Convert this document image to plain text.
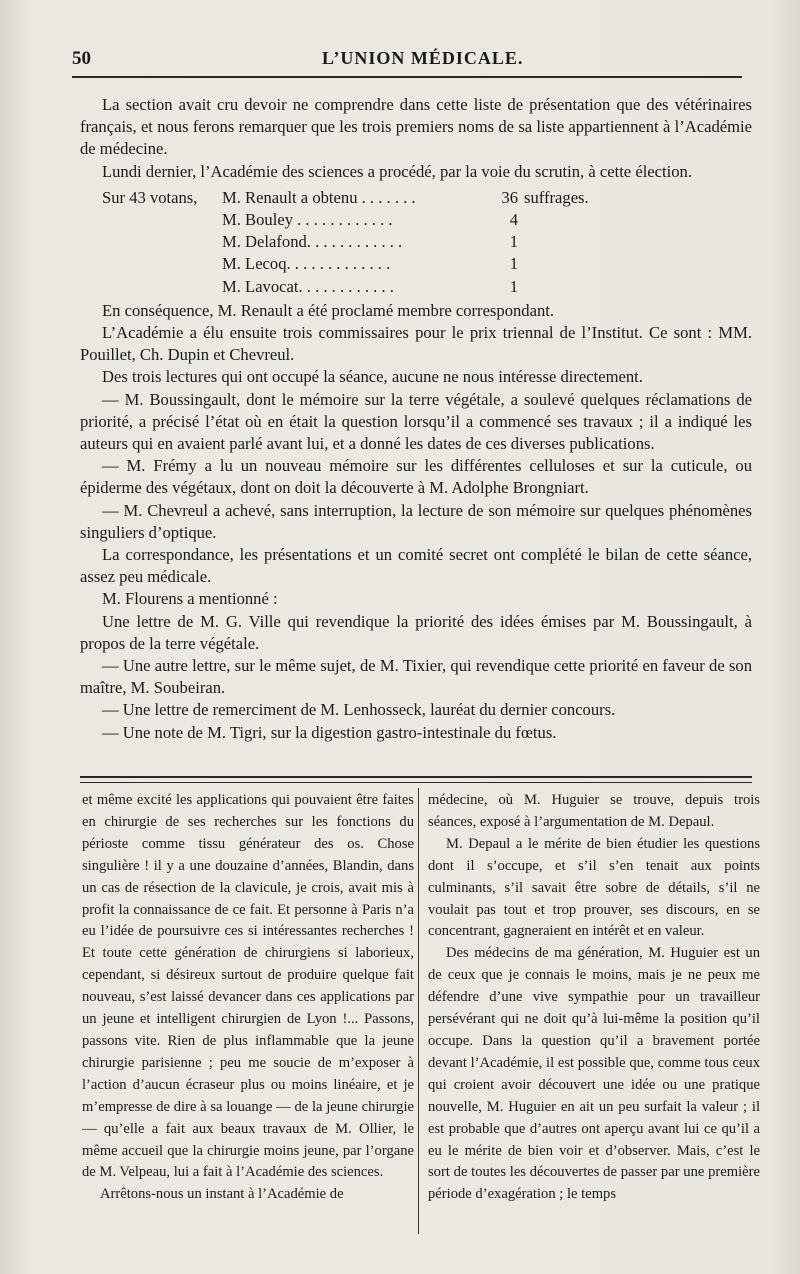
50	L’UNION MÉDICALE.

La section avait cru devoir ne comprendre dans cette liste de présentation que des vétérinaires français, et nous ferons remarquer que les trois premiers noms de sa liste appartiennent à l’Académie de médecine.

Lundi dernier, l’Académie des sciences a procédé, par la voie du scrutin, à cette élection.

Sur 43 votans,	M. Renault a obtenu . . . . . . .	36	suffrages.
	M. Bouley . . . . . . . . . . . .	4	
	M. Delafond. . . . . . . . . . . .	1	
	M. Lecoq. . . . . . . . . . . . .	1	
	M. Lavocat. . . . . . . . . . . .	1	

En conséquence, M. Renault a été proclamé membre correspondant.

L’Académie a élu ensuite trois commissaires pour le prix triennal de l’Institut. Ce sont : MM. Pouillet, Ch. Dupin et Chevreul.

Des trois lectures qui ont occupé la séance, aucune ne nous intéresse directement.

— M. Boussingault, dont le mémoire sur la terre végétale, a soulevé quelques réclamations de priorité, a précisé l’état où en était la question lorsqu’il a commencé ses travaux ; il a indiqué les auteurs qui en avaient parlé avant lui, et a donné les dates de ces diverses publications.

— M. Frémy a lu un nouveau mémoire sur les différentes celluloses et sur la cuticule, ou épiderme des végétaux, dont on doit la découverte à M. Adolphe Brongniart.

— M. Chevreul a achevé, sans interruption, la lecture de son mémoire sur quelques phénomènes singuliers d’optique.

La correspondance, les présentations et un comité secret ont complété le bilan de cette séance, assez peu médicale.

M. Flourens a mentionné :

Une lettre de M. G. Ville qui revendique la priorité des idées émises par M. Boussingault, à propos de la terre végétale.

— Une autre lettre, sur le même sujet, de M. Tixier, qui revendique cette priorité en faveur de son maître, M. Soubeiran.

— Une lettre de remerciment de M. Lenhosseck, lauréat du dernier concours.

— Une note de M. Tigri, sur la digestion gastro-intestinale du fœtus.

et même excité les applications qui pouvaient être faites en chirurgie de ses recherches sur les fonctions du périoste comme tissu générateur des os. Chose singulière ! il y a une douzaine d’années, Blandin, dans un cas de résection de la clavicule, je crois, avait mis à profit la connaissance de ce fait. Et personne à Paris n’a eu l’idée de poursuivre ces si intéressantes recherches ! Et toute cette génération de chirurgiens si laborieux, cependant, si désireux surtout de produire quelque fait nouveau, s’est laissé devancer dans ces applications par un jeune et intelligent chirurgien de Lyon !... Passons, passons vite. Rien de plus inflammable que la jeune chirurgie parisienne ; peu me soucie de m’exposer à l’action d’aucun écraseur plus ou moins linéaire, et je m’empresse de dire à sa louange — de la jeune chirurgie — qu’elle a fait aux beaux travaux de M. Ollier, le même accueil que la chirurgie moins jeune, par l’organe de M. Velpeau, lui a fait à l’Académie des sciences.

Arrêtons-nous un instant à l’Académie de

médecine, où M. Huguier se trouve, depuis trois séances, exposé à l’argumentation de M. Depaul.

M. Depaul a le mérite de bien étudier les questions dont il s’occupe, et s’il s’en tenait aux points culminants, s’il savait être sobre de détails, s’il ne voulait pas tout et trop prouver, ses discours, en se concentrant, gagneraient en intérêt et en valeur.

Des médecins de ma génération, M. Huguier est un de ceux que je connais le moins, mais je ne peux me défendre d’une vive sympathie pour un travailleur persévérant qui ne doit qu’à lui-même la position qu’il occupe. Dans la question qu’il a bravement portée devant l’Académie, il est possible que, comme tous ceux qui croient avoir découvert une idée ou une pratique nouvelle, M. Huguier en ait un peu surfait la valeur ; il est probable que d’autres ont aperçu avant lui ce qu’il a eu le mérite de bien voir et d’observer. Mais, c’est le sort de toutes les découvertes de passer par une première période d’exagération ; le temps
